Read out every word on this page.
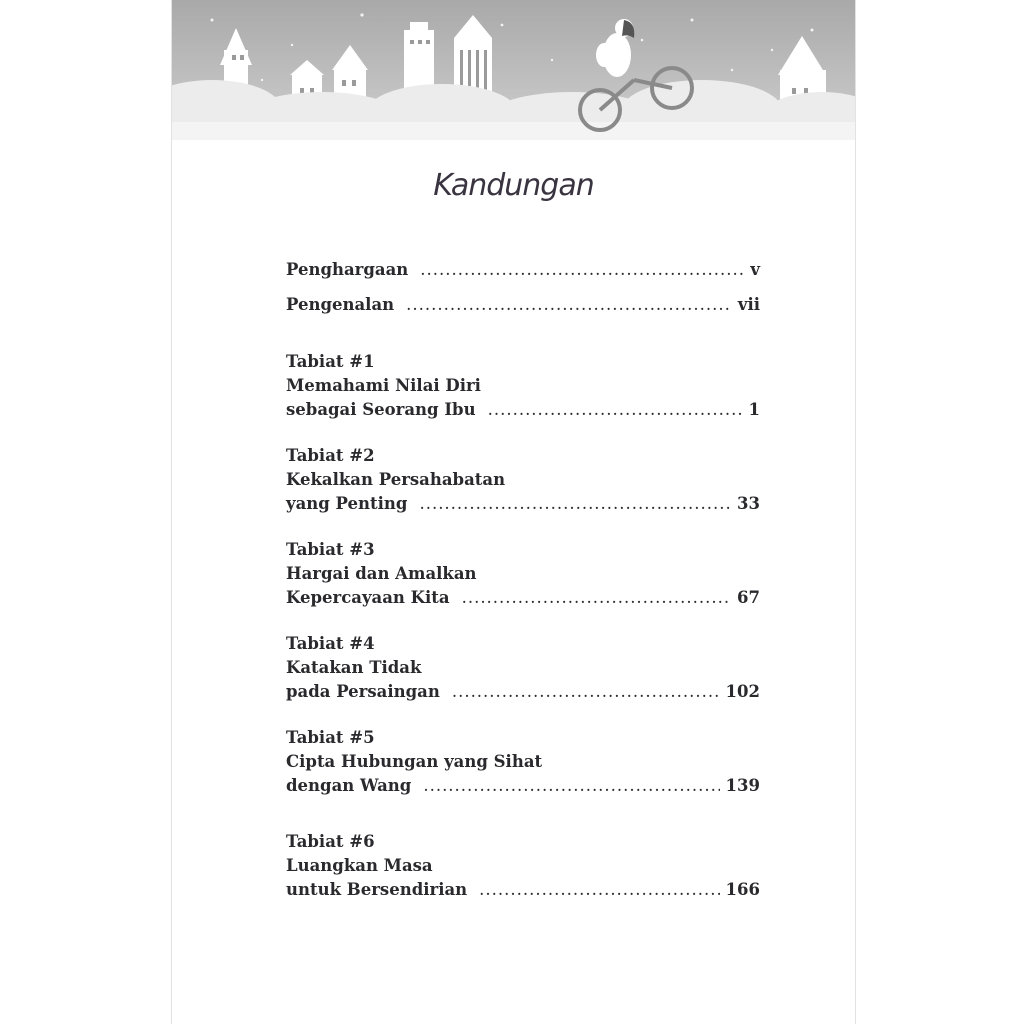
Kandungan
Penghargaan .....	v
Pengenalan .....	vii
Tabiat #1
Memahami Nilai Diri
sebagai Seorang Ibu .....	1
Tabiat #2
Kekalkan Persahabatan
yang Penting .....	33
Tabiat #3
Hargai dan Amalkan
Kepercayaan Kita .....	67
Tabiat #4
Katakan Tidak
pada Persaingan .....	102
Tabiat #5
Cipta Hubungan yang Sihat
dengan Wang .....	139
Tabiat #6
Luangkan Masa
untuk Bersendirian .....	166
